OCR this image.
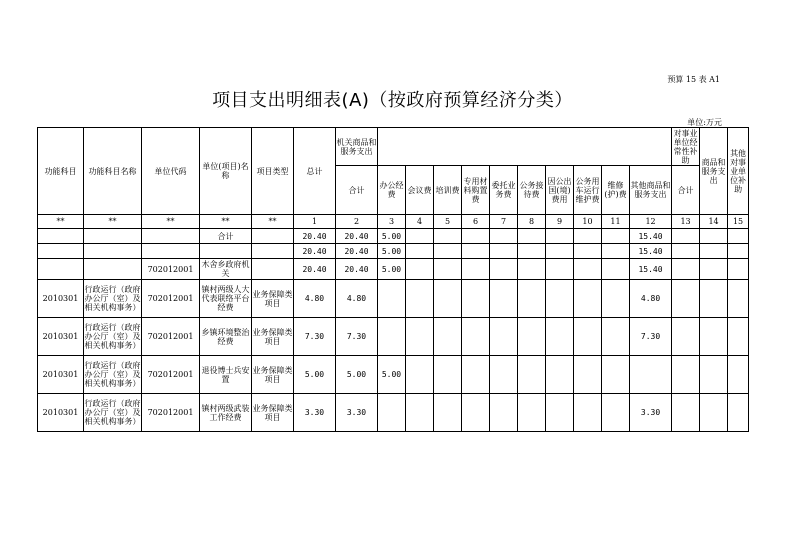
预算 15 表 A1
项目支出明细表(A)（按政府预算经济分类）
单位:万元
功能科目	功能科目名称	单位代码	单位(项目)名称	项目类型	总计	机关商品和服务支出											对事业单位经常性补助	商品和服务支出	其他对事业单位补助
						合计	办公经费	会议费	培训费	专用材料购置费	委托业务费	公务接待费	因公出国(境)费用	公务用车运行维护费	维修(护)费	其他商品和服务支出	合计		
**	**	**	**	**	1	2	3	4	5	6	7	8	9	10	11	12	13	14	15
			合计		20.40	20.40	5.00									15.40			
					20.40	20.40	5.00									15.40			
		702012001	木舍乡政府机关		20.40	20.40	5.00									15.40			
2010301	行政运行（政府办公厅（室）及相关机构事务）	702012001	镇村两级人大代表联络平台经费	业务保障类项目	4.80	4.80										4.80			
2010301	行政运行（政府办公厅（室）及相关机构事务）	702012001	乡镇环境整治经费	业务保障类项目	7.30	7.30										7.30			
2010301	行政运行（政府办公厅（室）及相关机构事务）	702012001	退役博士兵安置	业务保障类项目	5.00	5.00	5.00												
2010301	行政运行（政府办公厅（室）及相关机构事务）	702012001	镇村两级武装工作经费	业务保障类项目	3.30	3.30										3.30			
